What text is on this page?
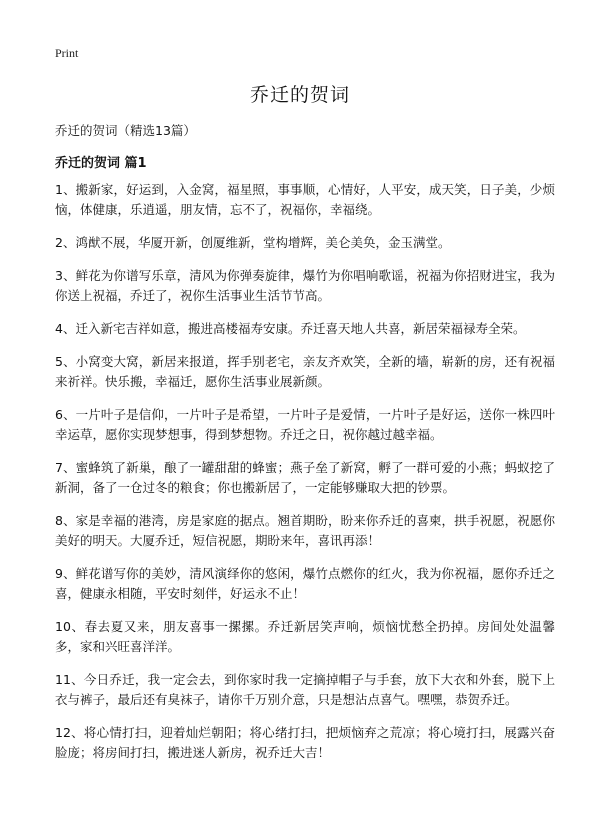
Print
乔迁的贺词

乔迁的贺词（精选13篇）

乔迁的贺词 篇1
1、搬新家，好运到，入金窝，福星照，事事顺，心情好，人平安，成天笑，日子美，少烦恼，体健康，乐逍遥，朋友情，忘不了，祝福你，幸福绕。
2、鸿猷不展，华厦开新，创厦维新，堂构增辉，美仑美奂，金玉满堂。
3、鲜花为你谱写乐章，清风为你弹奏旋律，爆竹为你唱响歌谣，祝福为你招财进宝，我为你送上祝福，乔迁了，祝你生活事业生活节节高。
4、迁入新宅吉祥如意，搬进高楼福寿安康。乔迁喜天地人共喜，新居荣福禄寿全荣。
5、小窝变大窝，新居来报道，挥手别老宅，亲友齐欢笑，全新的墙，崭新的房，还有祝福来祈祥。快乐搬，幸福迁，愿你生活事业展新颜。
6、一片叶子是信仰，一片叶子是希望，一片叶子是爱情，一片叶子是好运，送你一株四叶幸运草，愿你实现梦想事，得到梦想物。乔迁之日，祝你越过越幸福。
7、蜜蜂筑了新巢，酿了一罐甜甜的蜂蜜；燕子垒了新窝，孵了一群可爱的小燕；蚂蚁挖了新洞，备了一仓过冬的粮食；你也搬新居了，一定能够赚取大把的钞票。
8、家是幸福的港湾，房是家庭的据点。翘首期盼，盼来你乔迁的喜柬，拱手祝愿，祝愿你美好的明天。大厦乔迁，短信祝愿，期盼来年，喜讯再添！
9、鲜花谱写你的美妙，清风演绎你的悠闲，爆竹点燃你的红火，我为你祝福，愿你乔迁之喜，健康永相随，平安时刻伴，好运永不止！
10、春去夏又来，朋友喜事一摞摞。乔迁新居笑声响，烦恼忧愁全扔掉。房间处处温馨多，家和兴旺喜洋洋。
11、今日乔迁，我一定会去，到你家时我一定摘掉帽子与手套，放下大衣和外套，脱下上衣与裤子，最后还有臭袜子，请你千万别介意，只是想沾点喜气。嘿嘿，恭贺乔迁。
12、将心情打扫，迎着灿烂朝阳；将心绪打扫，把烦恼弃之荒凉；将心境打扫，展露兴奋脸庞；将房间打扫，搬进迷人新房，祝乔迁大吉！
